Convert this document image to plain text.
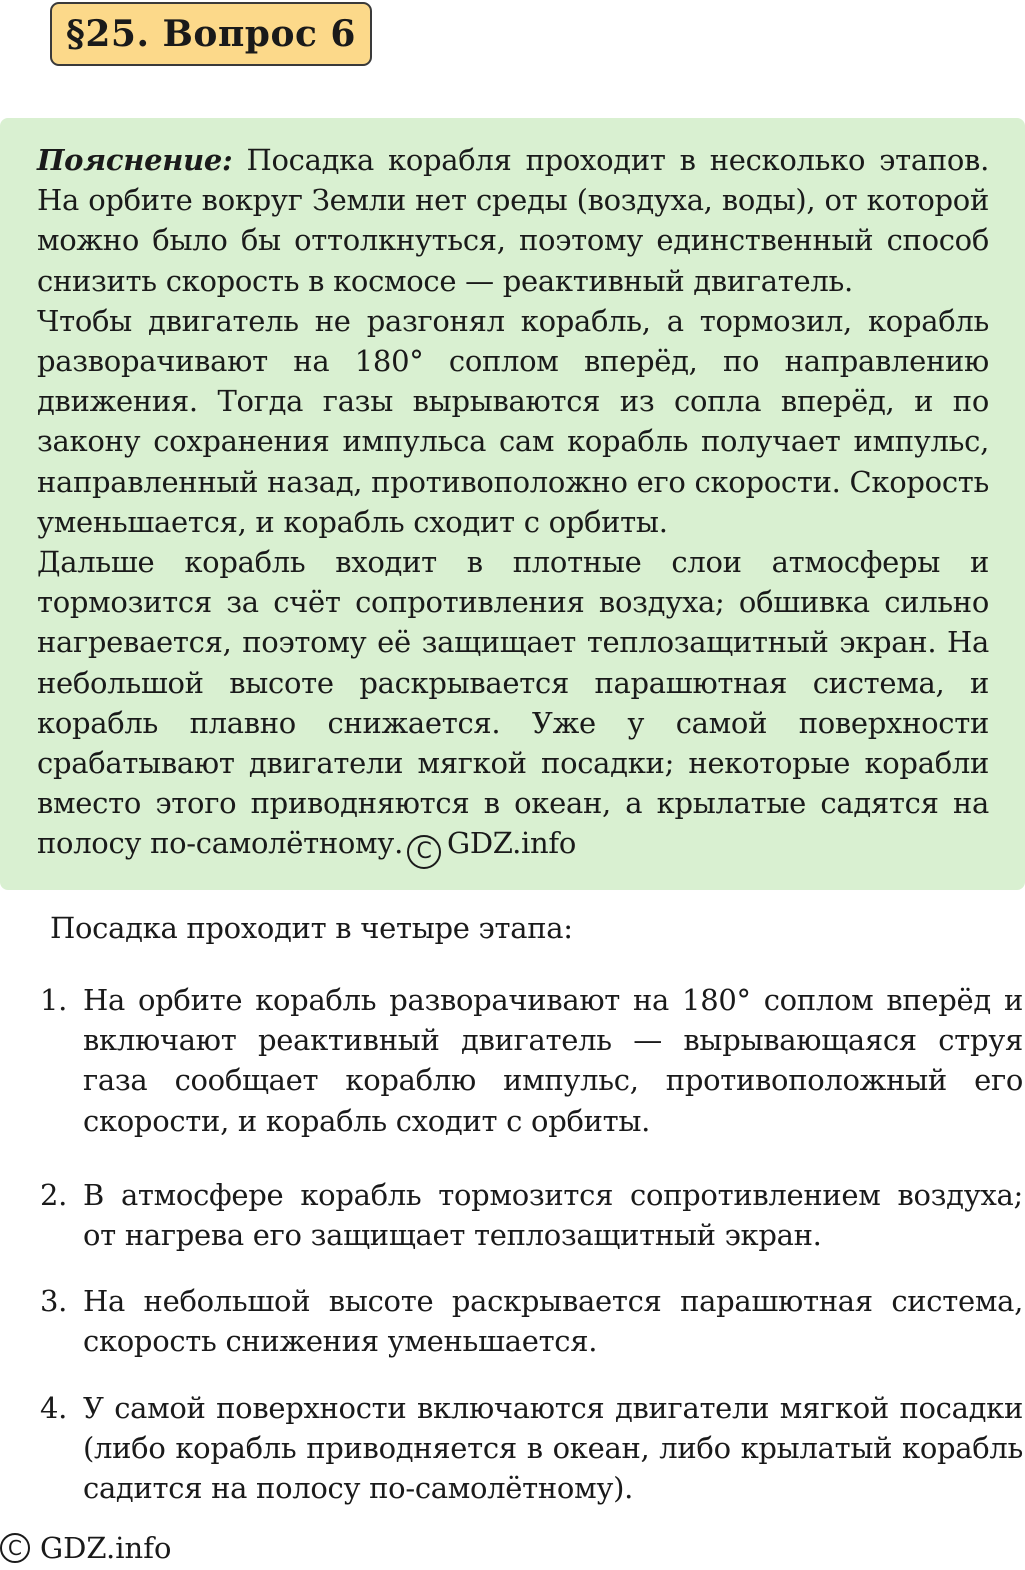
§25. Вопрос 6

Пояснение: Посадка корабля проходит в несколько этапов. На орбите вокруг Земли нет среды (воздуха, воды), от которой можно было бы оттолкнуться, поэтому единственный способ снизить скорость в космосе — реактивный двигатель.

Чтобы двигатель не разгонял корабль, а тормозил, корабль разворачивают на 180° соплом вперёд, по направлению движения. Тогда газы вырываются из сопла вперёд, и по закону сохранения импульса сам корабль получает импульс, направленный назад, противоположно его скорости. Скорость уменьшается, и корабль сходит с орбиты.

Дальше корабль входит в плотные слои атмосферы и тормозится за счёт сопротивления воздуха; обшивка сильно нагревается, поэтому её защищает теплозащитный экран. На небольшой высоте раскрывается парашютная система, и корабль плавно снижается. Уже у самой поверхности срабатывают двигатели мягкой посадки; некоторые корабли вместо этого приводняются в океан, а крылатые садятся на полосу по-самолётному. C GDZ.info

Посадка проходит в четыре этапа:
1. На орбите корабль разворачивают на 180° соплом вперёд и включают реактивный двигатель — вырывающаяся струя газа сообщает кораблю импульс, противоположный его скорости, и корабль сходит с орбиты.
2. В атмосфере корабль тормозится сопротивлением воздуха; от нагрева его защищает теплозащитный экран.
3. На небольшой высоте раскрывается парашютная система, скорость снижения уменьшается.
4. У самой поверхности включаются двигатели мягкой посадки (либо корабль приводняется в океан, либо крылатый корабль садится на полосу по-самолётному).
C GDZ.info
